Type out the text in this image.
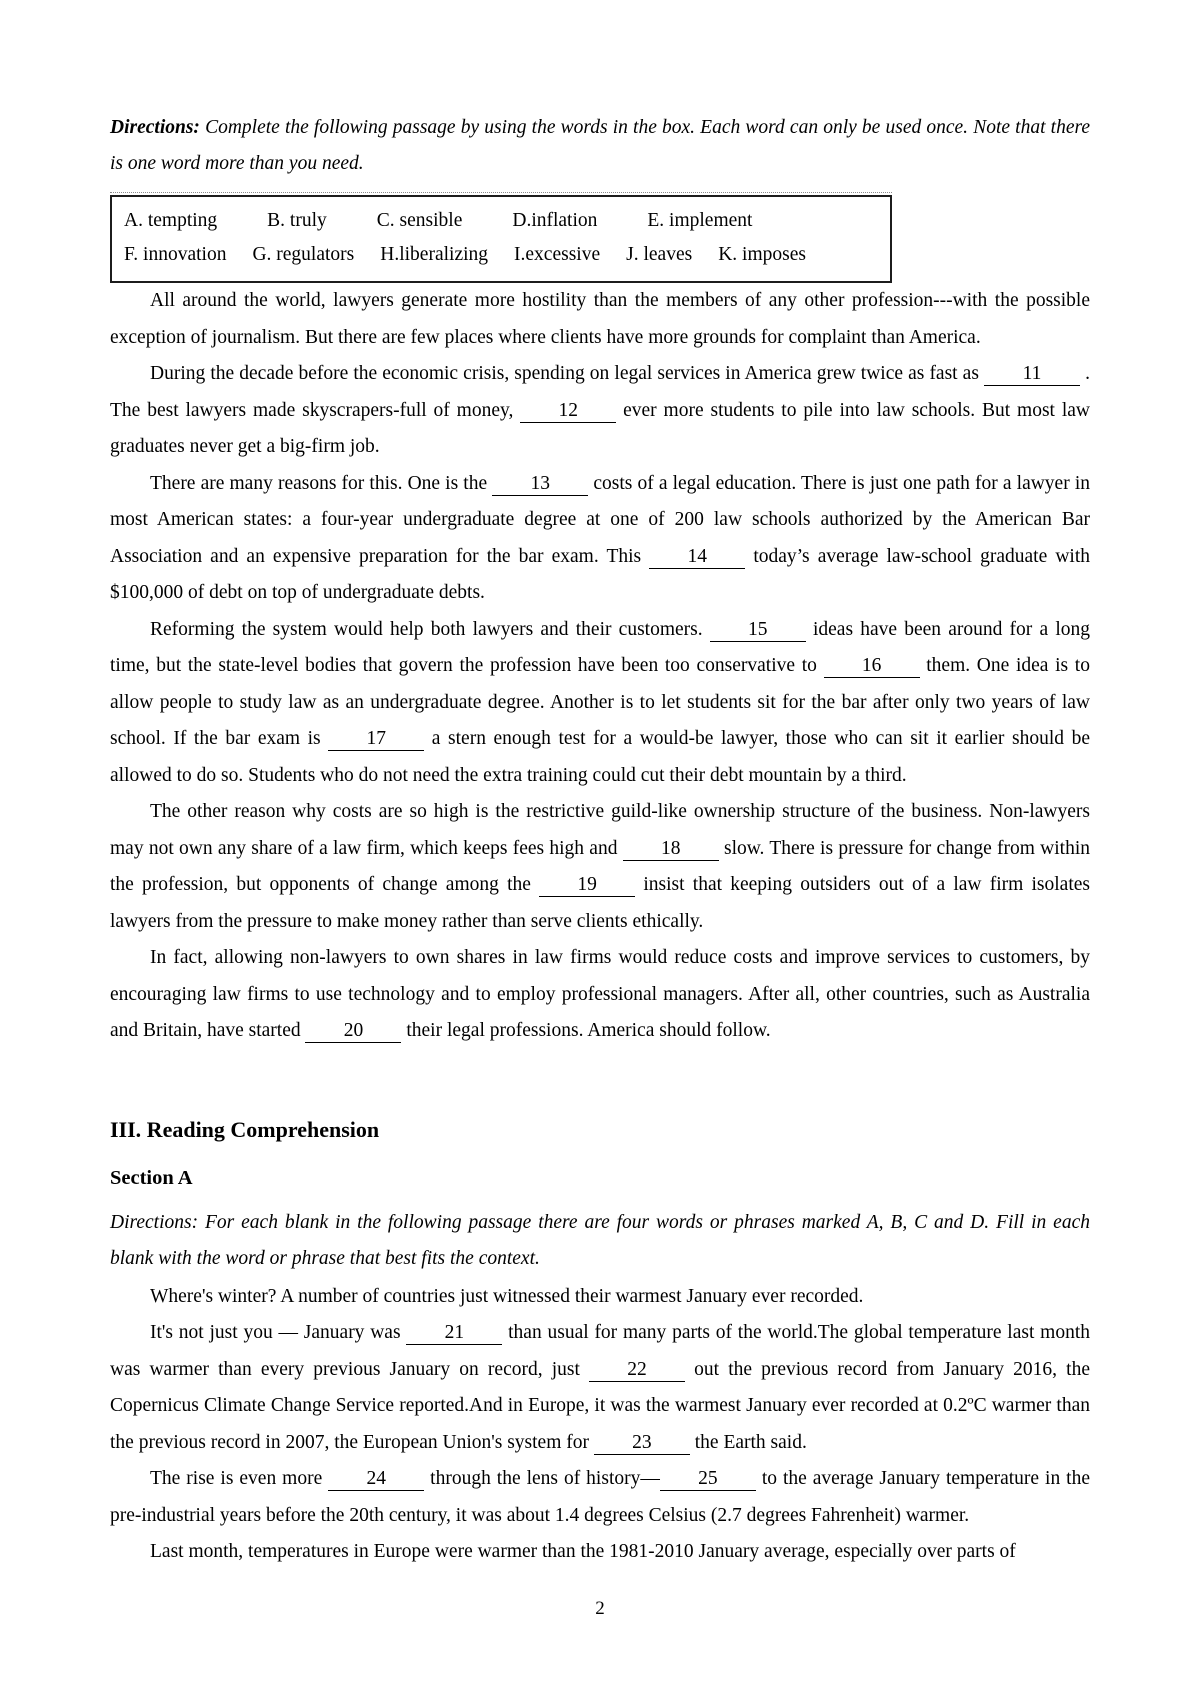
Directions: Complete the following passage by using the words in the box. Each word can only be used once. Note that there is one word more than you need.
A. tempting	B. truly	C. sensible	D.inflation	E. implement
F. innovation G. regulators H.liberalizing I.excessive J. leaves K. imposes

All around the world, lawyers generate more hostility than the members of any other profession---with the possible exception of journalism. But there are few places where clients have more grounds for complaint than America.

During the decade before the economic crisis, spending on legal services in America grew twice as fast as 11 . The best lawyers made skyscrapers-full of money, 12 ever more students to pile into law schools. But most law graduates never get a big-firm job.

There are many reasons for this. One is the 13 costs of a legal education. There is just one path for a lawyer in most American states: a four-year undergraduate degree at one of 200 law schools authorized by the American Bar Association and an expensive preparation for the bar exam. This 14 today’s average law-school graduate with $100,000 of debt on top of undergraduate debts.

Reforming the system would help both lawyers and their customers. 15 ideas have been around for a long time, but the state-level bodies that govern the profession have been too conservative to 16 them. One idea is to allow people to study law as an undergraduate degree. Another is to let students sit for the bar after only two years of law school. If the bar exam is 17 a stern enough test for a would-be lawyer, those who can sit it earlier should be allowed to do so. Students who do not need the extra training could cut their debt mountain by a third.

The other reason why costs are so high is the restrictive guild-like ownership structure of the business. Non-lawyers may not own any share of a law firm, which keeps fees high and 18 slow. There is pressure for change from within the profession, but opponents of change among the 19 insist that keeping outsiders out of a law firm isolates lawyers from the pressure to make money rather than serve clients ethically.

In fact, allowing non-lawyers to own shares in law firms would reduce costs and improve services to customers, by encouraging law firms to use technology and to employ professional managers. After all, other countries, such as Australia and Britain, have started 20 their legal professions. America should follow.

III. Reading Comprehension
Section A
Directions: For each blank in the following passage there are four words or phrases marked A, B, C and D. Fill in each blank with the word or phrase that best fits the context.

Where's winter? A number of countries just witnessed their warmest January ever recorded.

It's not just you — January was 21 than usual for many parts of the world.The global temperature last month was warmer than every previous January on record, just 22 out the previous record from January 2016, the Copernicus Climate Change Service reported.And in Europe, it was the warmest January ever recorded at 0.2ºC warmer than the previous record in 2007, the European Union's system for 23 the Earth said.

The rise is even more 24 through the lens of history— 25 to the average January temperature in the pre-industrial years before the 20th century, it was about 1.4 degrees Celsius (2.7 degrees Fahrenheit) warmer.

Last month, temperatures in Europe were warmer than the 1981-2010 January average, especially over parts of

2
